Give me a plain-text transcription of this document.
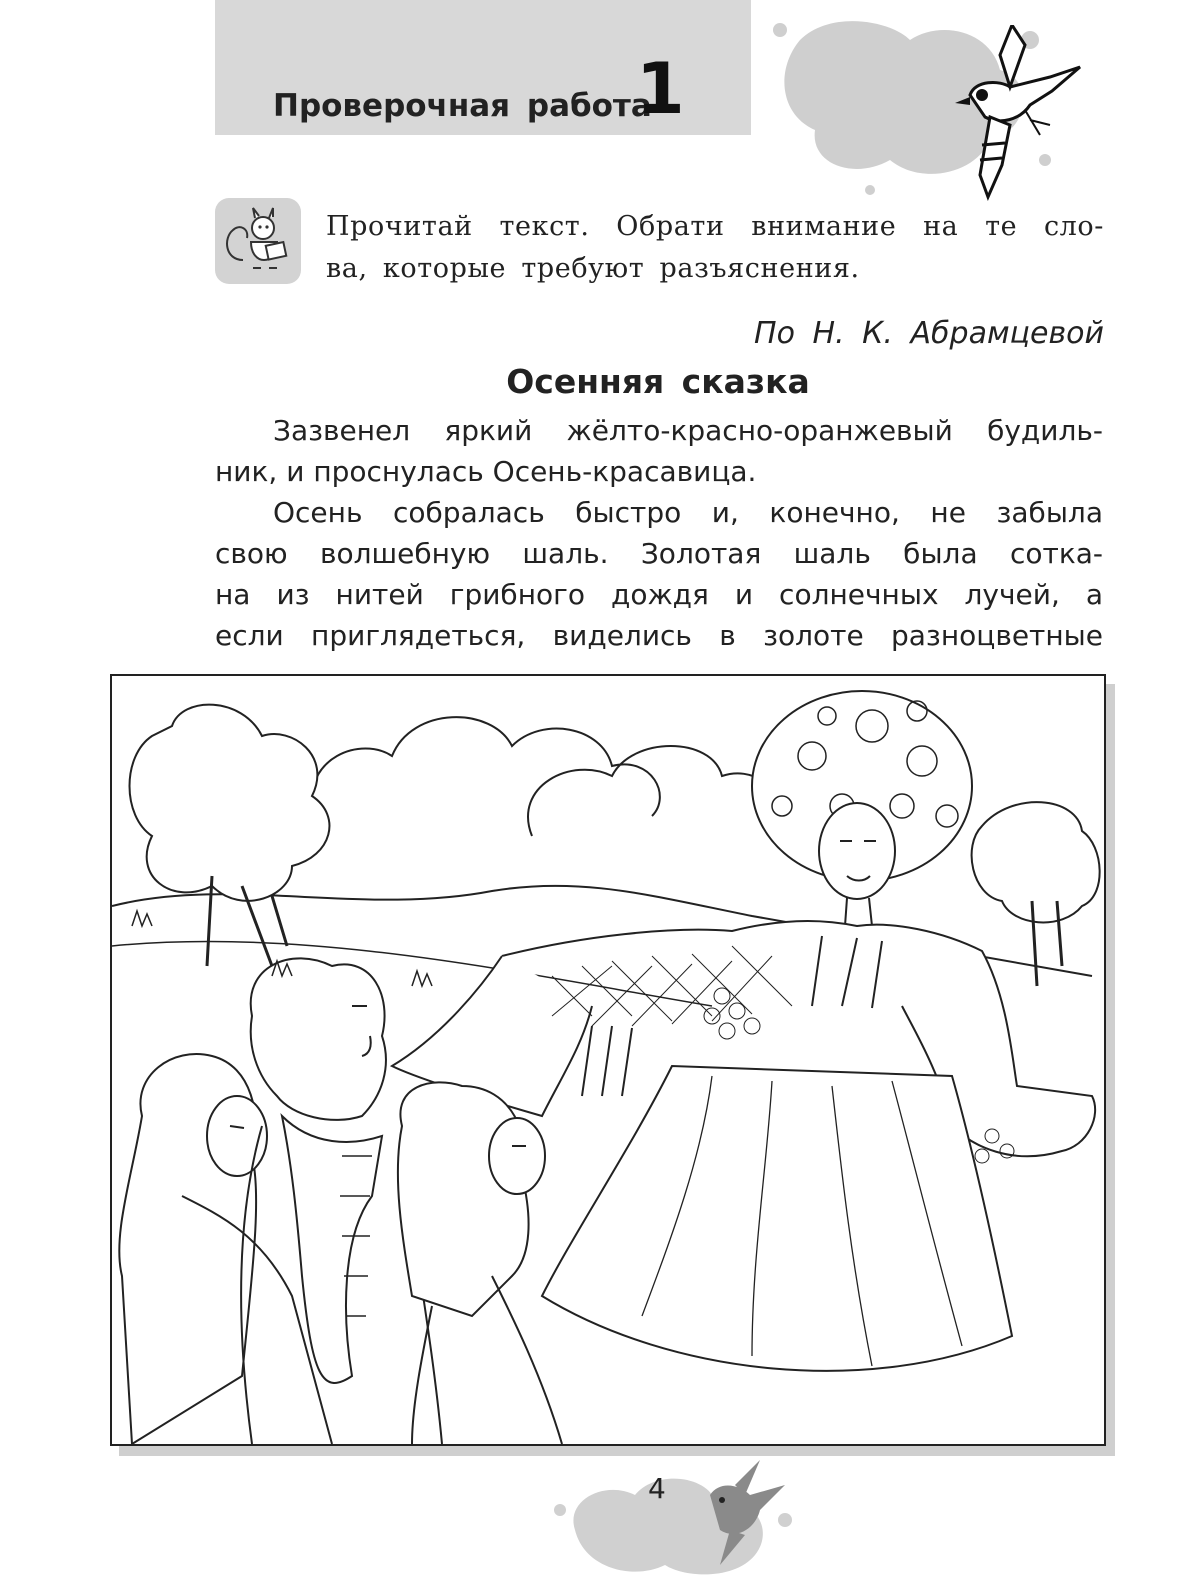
Проверочная работа
1
Прочитай текст. Обрати внимание на те сло-
ва, которые требуют разъяснения.
По Н. К. Абрамцевой
Осенняя сказка
Зазвенел яркий жёлто-красно-оранжевый будиль-
ник, и проснулась Осень-красавица.
Осень собралась быстро и, конечно, не забыла
свою волшебную шаль. Золотая шаль была соткa-
на из нитей грибного дождя и солнечных лучей, а
если приглядеться, виделись в золоте разноцветные
4
